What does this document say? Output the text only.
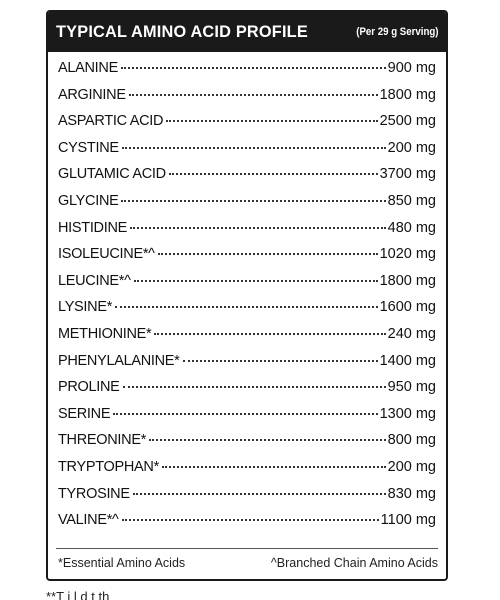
TYPICAL AMINO ACID PROFILE	(Per 29 g Serving)
ALANINE	900 mg
ARGININE	1800 mg
ASPARTIC ACID	2500 mg
CYSTINE	200 mg
GLUTAMIC ACID	3700 mg
GLYCINE	850 mg
HISTIDINE	480 mg
ISOLEUCINE*^	1020 mg
LEUCINE*^	1800 mg
LYSINE*	1600 mg
METHIONINE*	240 mg
PHENYLALANINE*	1400 mg
PROLINE	950 mg
SERINE	1300 mg
THREONINE*	800 mg
TRYPTOPHAN*	200 mg
TYROSINE	830 mg
VALINE*^	1100 mg
*Essential Amino Acids	^Branched Chain Amino Acids
**T i l d t th
